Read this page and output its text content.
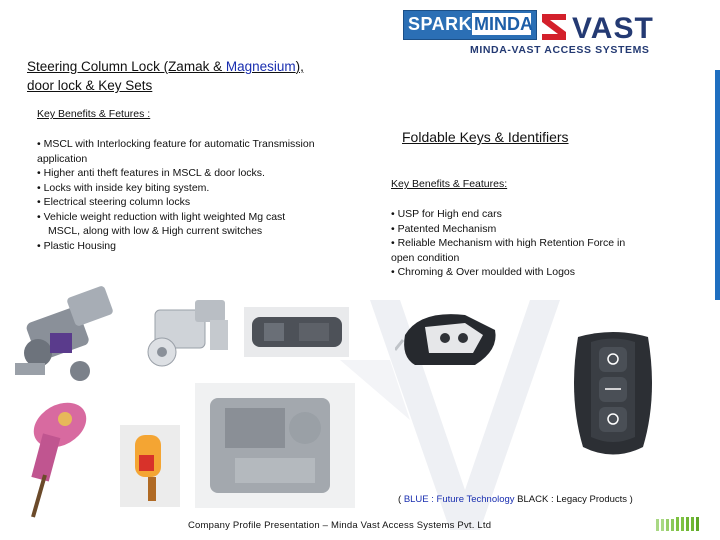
SPARK MINDA VAST
MINDA-VAST ACCESS SYSTEMS
Steering Column Lock (Zamak & Magnesium),
door lock & Key Sets
Key Benefits & Fetures :
• MSCL with Interlocking feature for automatic Transmission
application
• Higher anti theft features in MSCL & door locks.
• Locks with inside key biting system.
• Electrical steering column locks
• Vehicle weight reduction with light weighted Mg cast
MSCL, along with low & High current switches
• Plastic Housing
Foldable Keys & Identifiers
Key Benefits & Features:
• USP for High end cars
• Patented Mechanism
• Reliable Mechanism with high Retention Force in
open condition
• Chroming & Over moulded with Logos
( BLUE : Future Technology BLACK : Legacy Products )
Company Profile Presentation – Minda Vast Access Systems Pvt. Ltd
